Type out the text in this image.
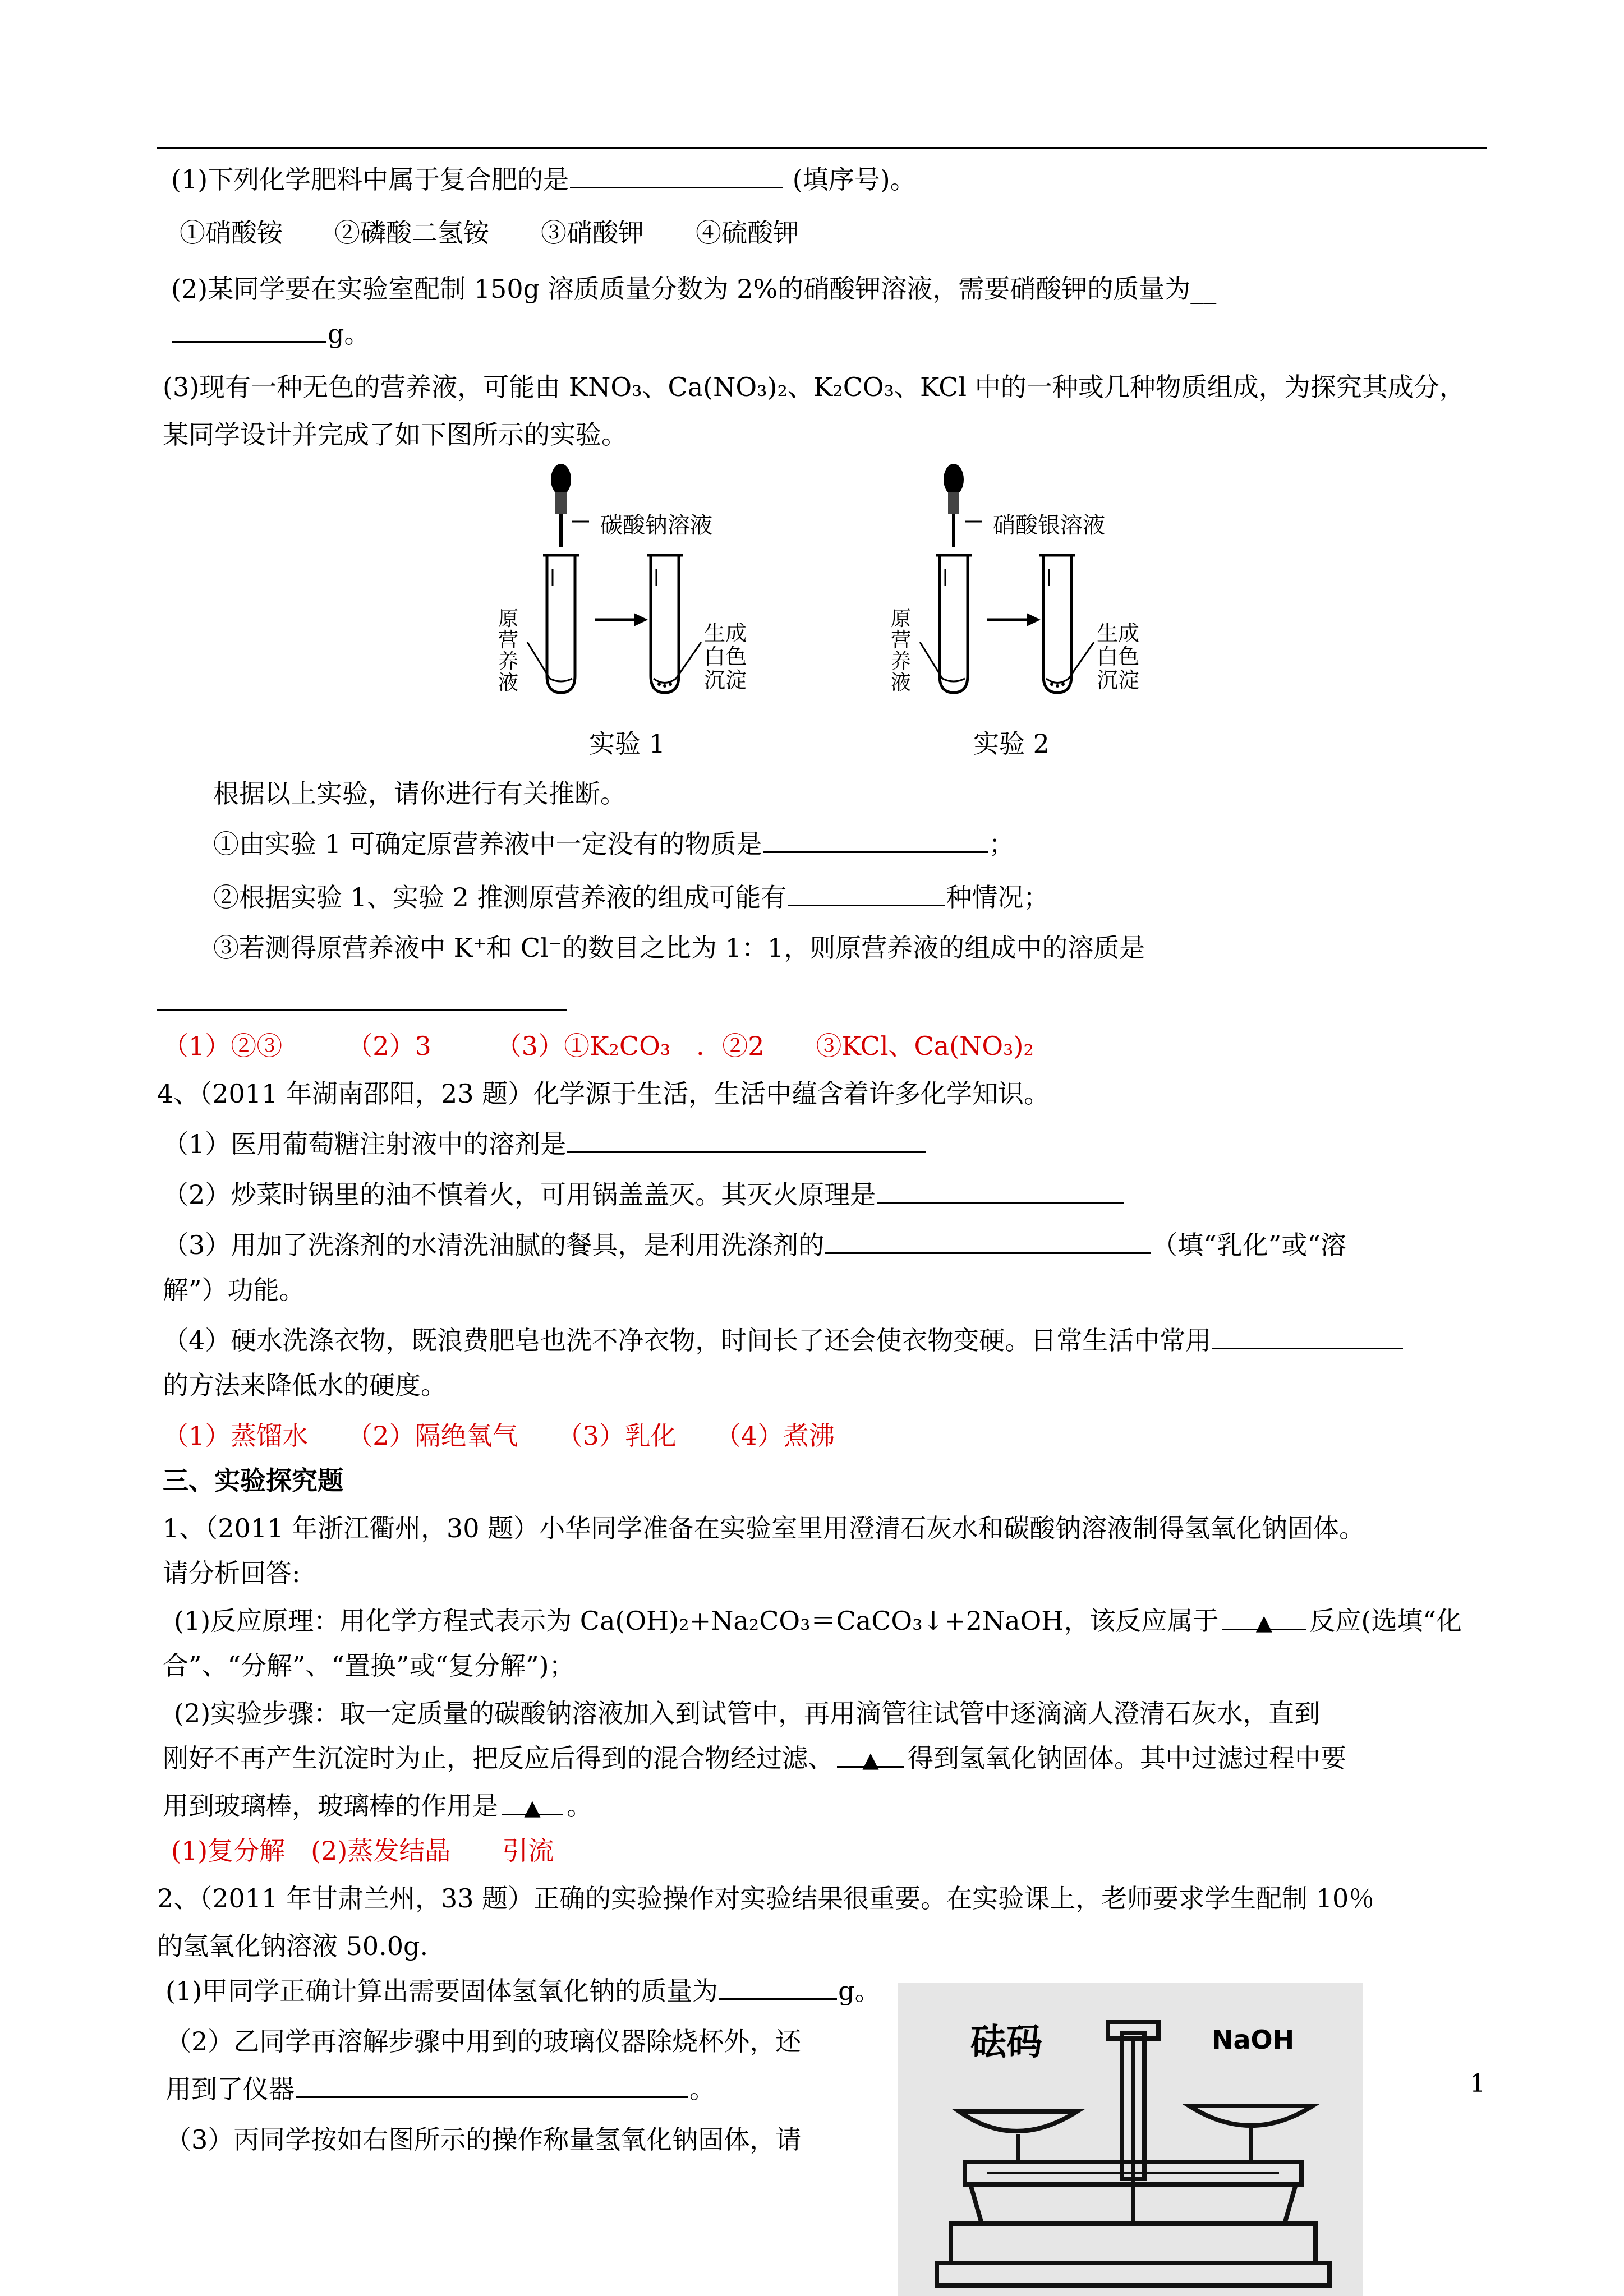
(1)下列化学肥料中属于复合肥的是	(填序号)。
①硝酸铵　　②磷酸二氢铵　　③硝酸钾　　④硫酸钾
(2)某同学要在实验室配制 150g 溶质质量分数为 2%的硝酸钾溶液，需要硝酸钾的质量为__
g。
(3)现有一种无色的营养液，可能由 KNO₃、Ca(NO₃)₂、K₂CO₃、KCl 中的一种或几种物质组成，为探究其成分，
某同学设计并完成了如下图所示的实验。
碳酸钠溶液	硝酸银溶液
原营养液
原营养液
生成
白色
沉淀
生成
白色
沉淀
实验 1	实验 2
根据以上实验，请你进行有关推断。
①由实验 1 可确定原营养液中一定没有的物质是	；
②根据实验 1、实验 2 推测原营养液的组成可能有	种情况；
③若测得原营养液中 K⁺和 Cl⁻的数目之比为 1：1，则原营养液的组成中的溶质是
（1）②③　　　（2）3　　　（3）①K₂CO₃　．②2　　③KCl、Ca(NO₃)₂
4、（2011 年湖南邵阳，23 题）化学源于生活，生活中蕴含着许多化学知识。
（1）医用葡萄糖注射液中的溶剂是
（2）炒菜时锅里的油不慎着火，可用锅盖盖灭。其灭火原理是
（3）用加了洗涤剂的水清洗油腻的餐具，是利用洗涤剂的	（填“乳化”或“溶
解”）功能。
（4）硬水洗涤衣物，既浪费肥皂也洗不净衣物，时间长了还会使衣物变硬。日常生活中常用
的方法来降低水的硬度。
（1）蒸馏水　　（2）隔绝氧气　　（3）乳化　　（4）煮沸
三、实验探究题
1、（2011 年浙江衢州，30 题）小华同学准备在实验室里用澄清石灰水和碳酸钠溶液制得氢氧化钠固体。
请分析回答:
(1)反应原理：用化学方程式表示为 Ca(OH)₂+Na₂CO₃＝CaCO₃↓+2NaOH，该反应属于 ▲ 反应(选填“化
合”、“分解”、“置换”或“复分解”)；
(2)实验步骤：取一定质量的碳酸钠溶液加入到试管中，再用滴管往试管中逐滴滴人澄清石灰水，直到
刚好不再产生沉淀时为止，把反应后得到的混合物经过滤、 ▲ 得到氢氧化钠固体。其中过滤过程中要
用到玻璃棒，玻璃棒的作用是 ▲ 。
(1)复分解　(2)蒸发结晶　　引流
2、（2011 年甘肃兰州，33 题）正确的实验操作对实验结果很重要。在实验课上，老师要求学生配制 10％
的氢氧化钠溶液 50.0g.
(1)甲同学正确计算出需要固体氢氧化钠的质量为	g。
（2）乙同学再溶解步骤中用到的玻璃仪器除烧杯外，还
用到了仪器	。
（3）丙同学按如右图所示的操作称量氢氧化钠固体，请
砝码	NaOH
1
